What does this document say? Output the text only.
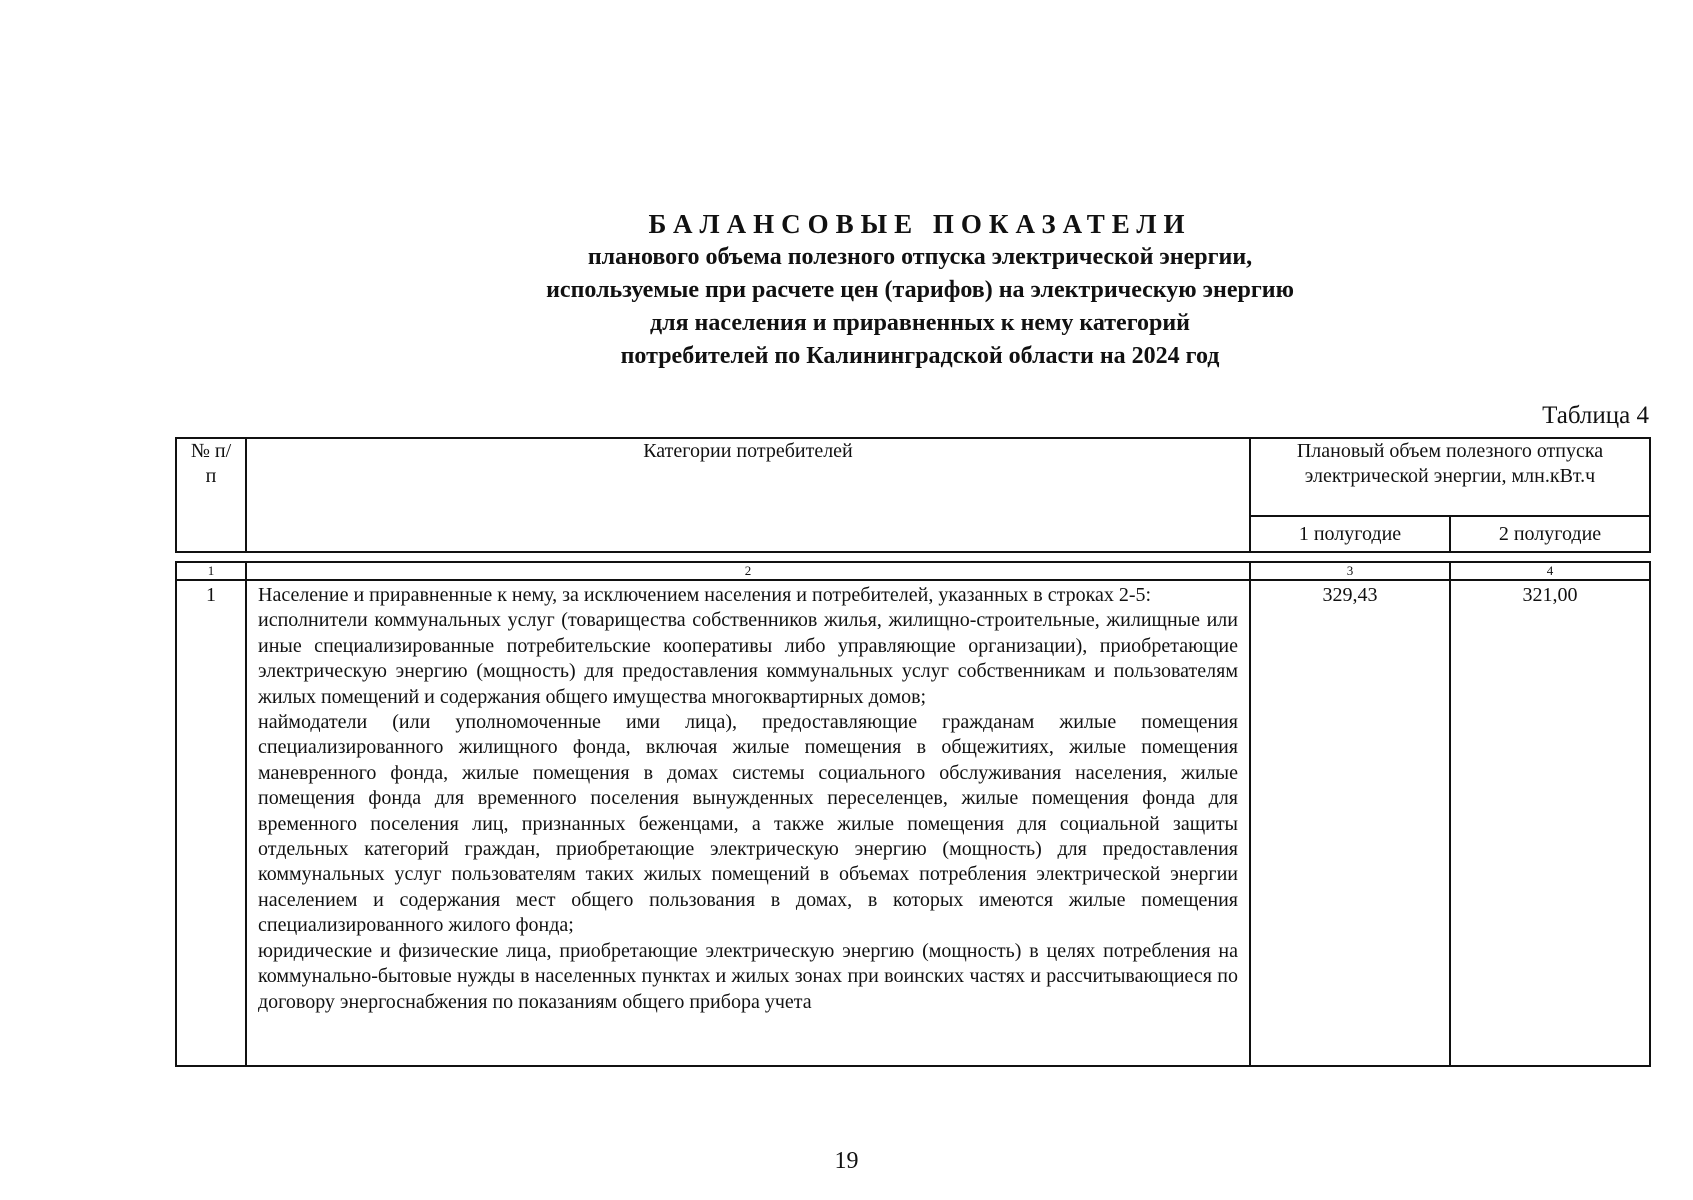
БАЛАНСОВЫЕ ПОКАЗАТЕЛИ
планового объема полезного отпуска электрической энергии,
используемые при расчете цен (тарифов) на электрическую энергию
для населения и приравненных к нему категорий
потребителей по Калининградской области на 2024 год
Таблица 4
№ п/п	Категории потребителей	Плановый объем полезного отпуска электрической энергии, млн.кВт.ч	
		1 полугодие	2 полугодие
1	2	3	4
1	Население и приравненные к нему, за исключением населения и потребителей, указанных в строках 2-5:

исполнители коммунальных услуг (товарищества собственников жилья, жилищно-строительные, жилищные или иные специализированные потребительские кооперативы либо управляющие организации), приобретающие электрическую энергию (мощность) для предоставления коммунальных услуг собственникам и пользователям жилых помещений и содержания общего имущества многоквартирных домов;

наймодатели (или уполномоченные ими лица), предоставляющие гражданам жилые помещения специализированного жилищного фонда, включая жилые помещения в общежитиях, жилые помещения маневренного фонда, жилые помещения в домах системы социального обслуживания населения, жилые помещения фонда для временного поселения вынужденных переселенцев, жилые помещения фонда для временного поселения лиц, признанных беженцами, а также жилые помещения для социальной защиты отдельных категорий граждан, приобретающие электрическую энергию (мощность) для предоставления коммунальных услуг пользователям таких жилых помещений в объемах потребления электрической энергии населением и содержания мест общего пользования в домах, в которых имеются жилые помещения специализированного жилого фонда;

юридические и физические лица, приобретающие электрическую энергию (мощность) в целях потребления на коммунально-бытовые нужды в населенных пунктах и жилых зонах при воинских частях и рассчитывающиеся по договору энергоснабжения по показаниям общего прибора учета	329,43	321,00
19
